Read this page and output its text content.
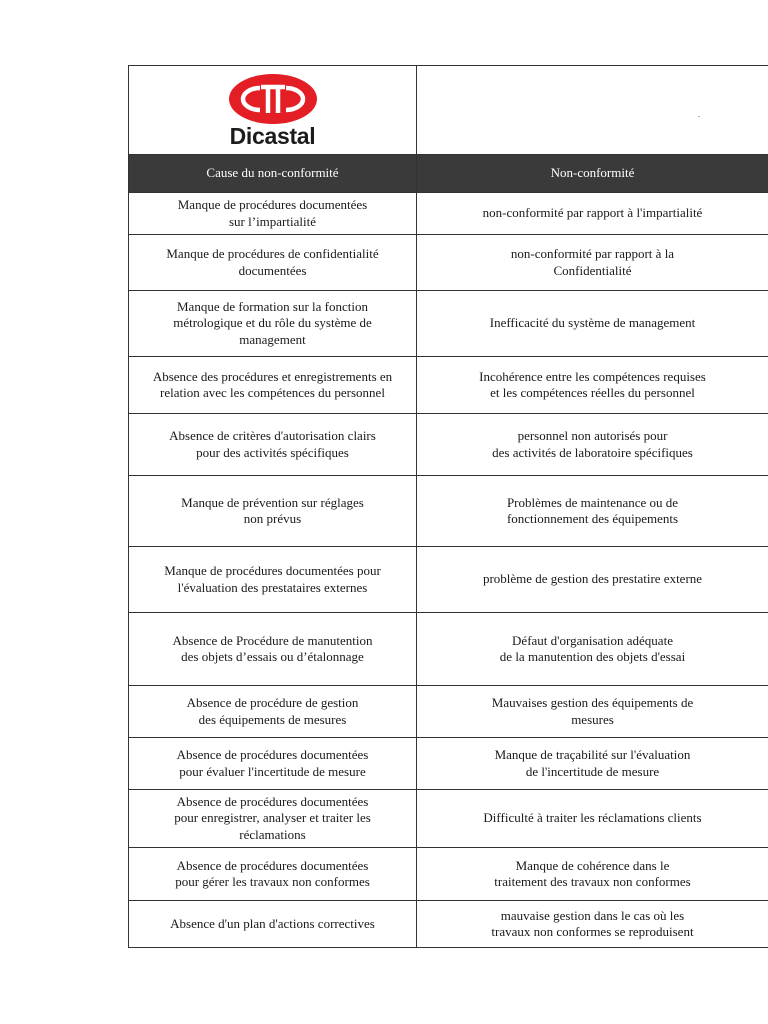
Dicastal	

Cause du non-conformité	Non-conformité

Manque de procédures documentées
sur l’impartialité	non-conformité par rapport à l'impartialité

Manque de procédures de confidentialité
documentées	non-conformité par rapport à la
Confidentialité

Manque de formation sur la fonction
métrologique et du rôle du système de
management	Inefficacité du système de management

Absence des procédures et enregistrements en
relation avec les compétences du personnel	Incohérence entre les compétences requises
et les compétences réelles du personnel

Absence de critères d'autorisation clairs
pour des activités spécifiques	personnel non autorisés pour
des activités de laboratoire spécifiques

Manque de prévention sur réglages
non prévus	Problèmes de maintenance ou de
fonctionnement des équipements

Manque de procédures documentées pour
l'évaluation des prestataires externes	problème de gestion des prestatire externe

Absence de Procédure de manutention
des objets d’essais ou d’étalonnage	Défaut d'organisation adéquate
de la manutention des objets d'essai

Absence de procédure de gestion
des équipements de mesures	Mauvaises gestion des équipements de
mesures

Absence de procédures documentées
pour évaluer l'incertitude de mesure	Manque de traçabilité sur l'évaluation
de l'incertitude de mesure

Absence de procédures documentées
pour enregistrer, analyser et traiter les
réclamations	Difficulté à traiter les réclamations clients

Absence de procédures documentées
pour gérer les travaux non conformes	Manque de cohérence dans le
traitement des travaux non conformes

Absence d'un plan d'actions correctives	mauvaise gestion dans le cas où les
travaux non conformes se reproduisent
.
